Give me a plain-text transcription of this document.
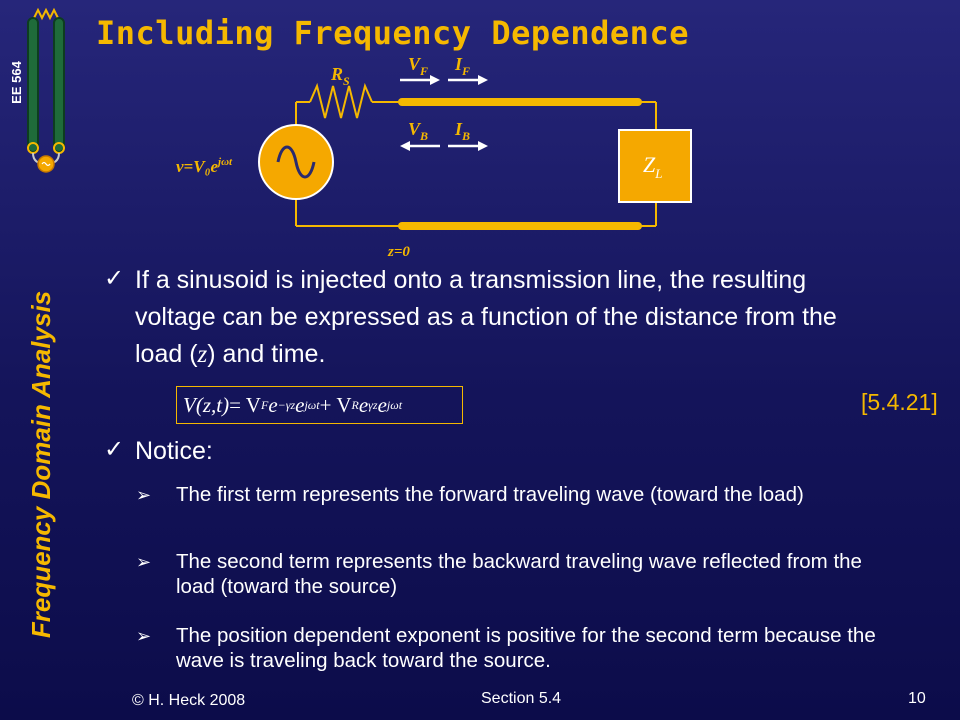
EE 564
Frequency Domain Analysis
Including Frequency Dependence
$Z_L$
$R_S$
$V_F$ $I_F$
$V_B$ $I_B$
$v=V_0e^{j\omega t}$
z=0
✓ If a sinusoid is injected onto a transmission line, the resulting voltage can be expressed as a function of the distance from the load (z) and time.
V(z,t) = V F e −γz e jωt + V R e γz e jωt	[5.4.21]
✓ Notice:
➢ The first term represents the forward traveling wave (toward the load)
➢ The second term represents the backward traveling wave reflected from the load (toward the source)
➢ The position dependent exponent is positive for the second term because the wave is traveling back toward the source.
© H. Heck 2008	Section 5.4	10
